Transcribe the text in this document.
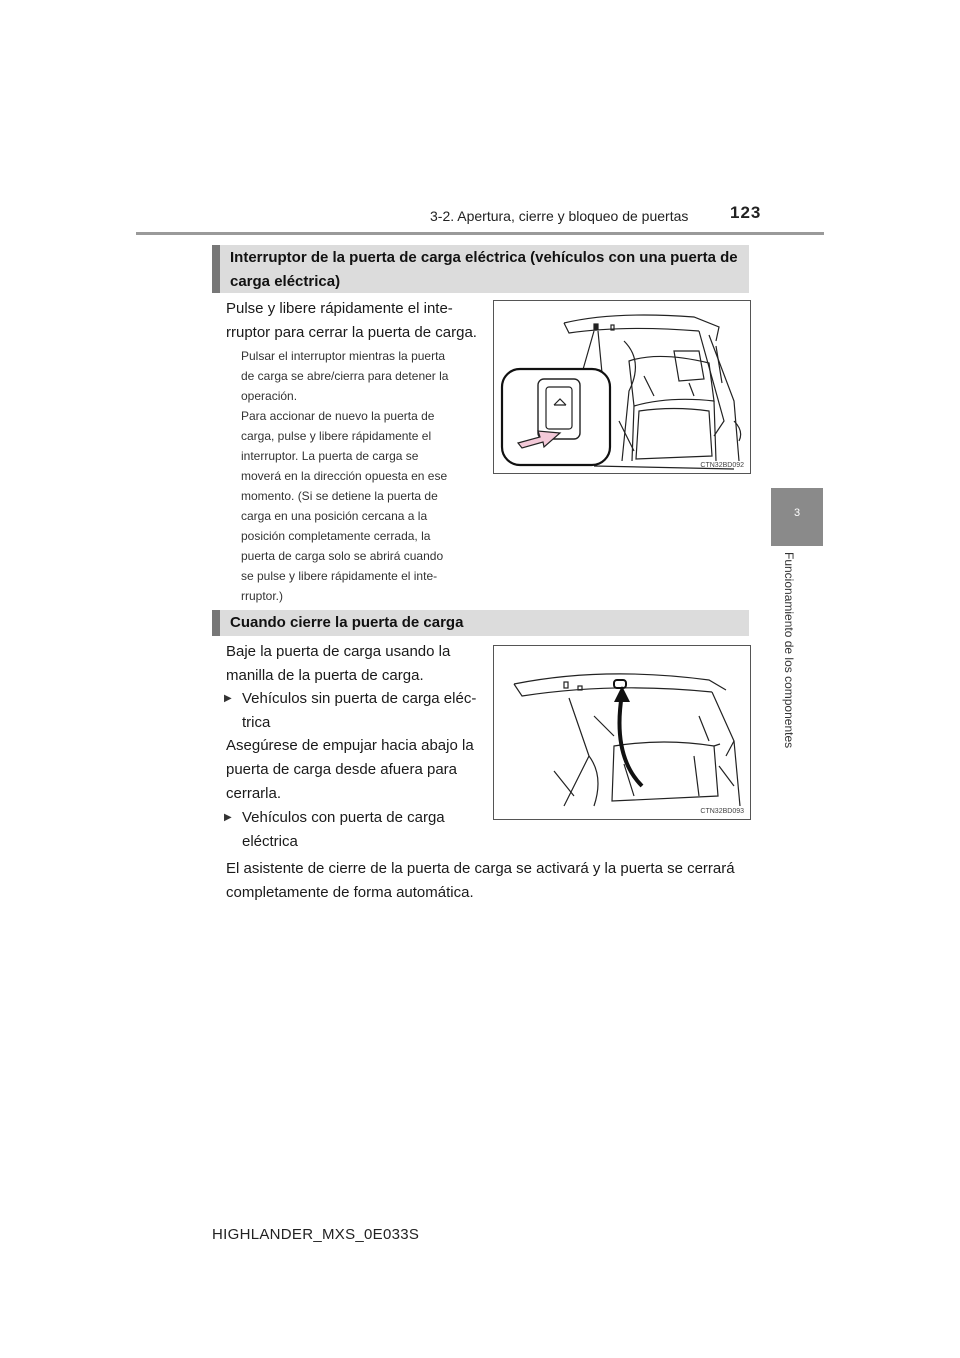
3-2. Apertura, cierre y bloqueo de puertas 123
3
Funcionamiento de los componentes
Interruptor de la puerta de carga eléctrica (vehículos con una puerta de
carga eléctrica)
Pulse y libere rápidamente el inte-
rruptor para cerrar la puerta de carga.
Pulsar el interruptor mientras la puerta
de carga se abre/cierra para detener la
operación.
Para accionar de nuevo la puerta de
carga, pulse y libere rápidamente el
interruptor. La puerta de carga se
moverá en la dirección opuesta en ese
momento. (Si se detiene la puerta de
carga en una posición cercana a la
posición completamente cerrada, la
puerta de carga solo se abrirá cuando
se pulse y libere rápidamente el inte-
rruptor.)
CTN32BD092
Cuando cierre la puerta de carga
Baje la puerta de carga usando la
manilla de la puerta de carga.
▶ Vehículos sin puerta de carga eléc-
trica
Asegúrese de empujar hacia abajo la
puerta de carga desde afuera para
cerrarla.
▶ Vehículos con puerta de carga
eléctrica
El asistente de cierre de la puerta de carga se activará y la puerta se cerrará
completamente de forma automática.
CTN32BD093
HIGHLANDER_MXS_0E033S
